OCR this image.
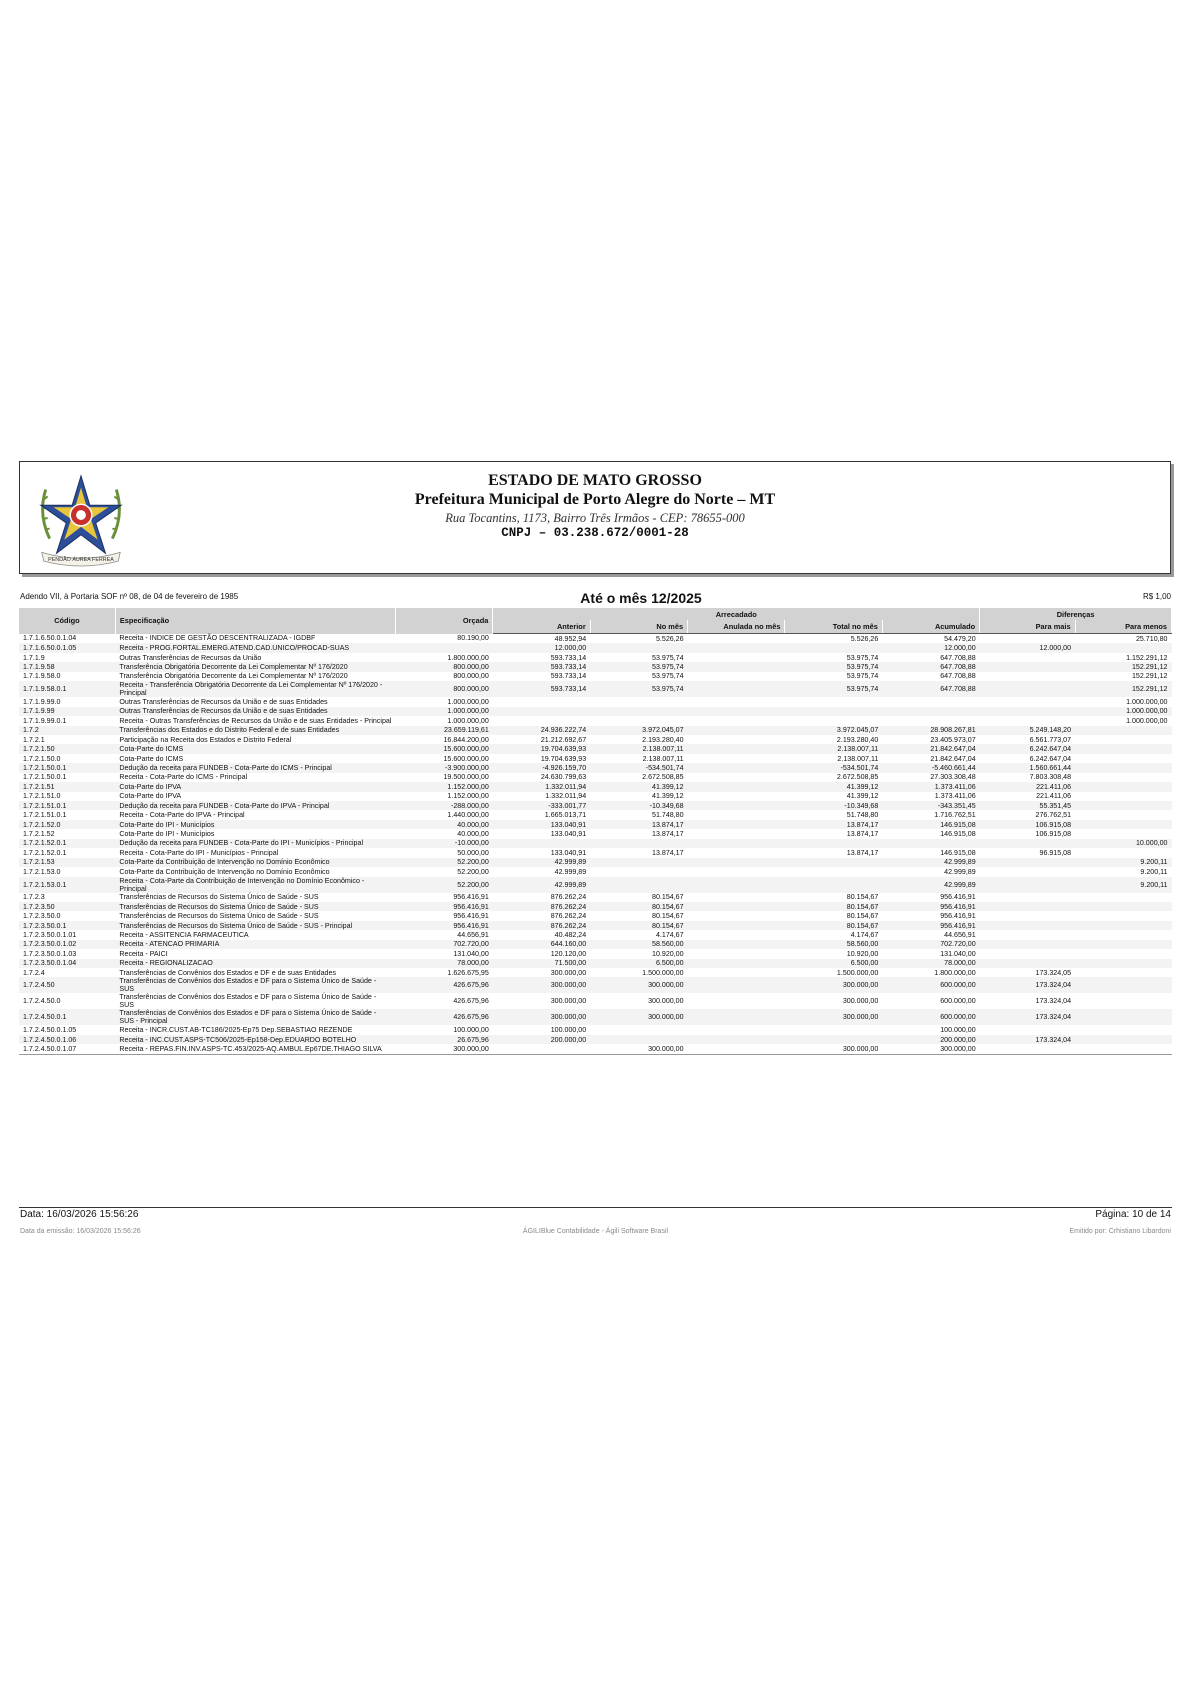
PENDÃO ÁUREA FERREA
ESTADO DE MATO GROSSO
Prefeitura Municipal de Porto Alegre do Norte – MT
Rua Tocantins, 1173, Bairro Três Irmãos - CEP: 78655-000
CNPJ – 03.238.672/0001-28
Adendo VII, à Portaria SOF nº 08, de 04 de fevereiro de 1985	Até o mês 12/2025	R$ 1,00
Código	Especificação	Orçada	Arrecadado					Diferenças	
			Anterior	No mês	Anulada no mês	Total no mês	Acumulado	Para mais	Para menos
1.7.1.6.50.0.1.04	Receita - INDICE DE GESTÃO DESCENTRALIZADA - IGDBF	80.190,00	48.952,94	5.526,26		5.526,26	54.479,20		25.710,80
1.7.1.6.50.0.1.05	Receita - PROG.FORTAL.EMERG.ATEND.CAD.UNICO/PROCAD-SUAS		12.000,00				12.000,00	12.000,00	
1.7.1.9	Outras Transferências de Recursos da União	1.800.000,00	593.733,14	53.975,74		53.975,74	647.708,88		1.152.291,12
1.7.1.9.58	Transferência Obrigatória Decorrente da Lei Complementar Nº 176/2020	800.000,00	593.733,14	53.975,74		53.975,74	647.708,88		152.291,12
1.7.1.9.58.0	Transferência Obrigatória Decorrente da Lei Complementar Nº 176/2020	800.000,00	593.733,14	53.975,74		53.975,74	647.708,88		152.291,12
1.7.1.9.58.0.1	Receita - Transferência Obrigatória Decorrente da Lei Complementar Nº 176/2020 - Principal	800.000,00	593.733,14	53.975,74		53.975,74	647.708,88		152.291,12
1.7.1.9.99.0	Outras Transferências de Recursos da União e de suas Entidades	1.000.000,00							1.000.000,00
1.7.1.9.99	Outras Transferências de Recursos da União e de suas Entidades	1.000.000,00							1.000.000,00
1.7.1.9.99.0.1	Receita - Outras Transferências de Recursos da União e de suas Entidades - Principal	1.000.000,00							1.000.000,00
1.7.2	Transferências dos Estados e do Distrito Federal e de suas Entidades	23.659.119,61	24.936.222,74	3.972.045,07		3.972.045,07	28.908.267,81	5.249.148,20	
1.7.2.1	Participação na Receita dos Estados e Distrito Federal	16.844.200,00	21.212.692,67	2.193.280,40		2.193.280,40	23.405.973,07	6.561.773,07	
1.7.2.1.50	Cota-Parte do ICMS	15.600.000,00	19.704.639,93	2.138.007,11		2.138.007,11	21.842.647,04	6.242.647,04	
1.7.2.1.50.0	Cota-Parte do ICMS	15.600.000,00	19.704.639,93	2.138.007,11		2.138.007,11	21.842.647,04	6.242.647,04	
1.7.2.1.50.0.1	Dedução da receita para FUNDEB - Cota-Parte do ICMS - Principal	-3.900.000,00	-4.926.159,70	-534.501,74		-534.501,74	-5.460.661,44	1.560.661,44	
1.7.2.1.50.0.1	Receita - Cota-Parte do ICMS - Principal	19.500.000,00	24.630.799,63	2.672.508,85		2.672.508,85	27.303.308,48	7.803.308,48	
1.7.2.1.51	Cota-Parte do IPVA	1.152.000,00	1.332.011,94	41.399,12		41.399,12	1.373.411,06	221.411,06	
1.7.2.1.51.0	Cota-Parte do IPVA	1.152.000,00	1.332.011,94	41.399,12		41.399,12	1.373.411,06	221.411,06	
1.7.2.1.51.0.1	Dedução da receita para FUNDEB - Cota-Parte do IPVA - Principal	-288.000,00	-333.001,77	-10.349,68		-10.349,68	-343.351,45	55.351,45	
1.7.2.1.51.0.1	Receita - Cota-Parte do IPVA - Principal	1.440.000,00	1.665.013,71	51.748,80		51.748,80	1.716.762,51	276.762,51	
1.7.2.1.52.0	Cota-Parte do IPI - Municípios	40.000,00	133.040,91	13.874,17		13.874,17	146.915,08	106.915,08	
1.7.2.1.52	Cota-Parte do IPI - Municípios	40.000,00	133.040,91	13.874,17		13.874,17	146.915,08	106.915,08	
1.7.2.1.52.0.1	Dedução da receita para FUNDEB - Cota-Parte do IPI - Municípios - Principal	-10.000,00							10.000,00
1.7.2.1.52.0.1	Receita - Cota-Parte do IPI - Municípios - Principal	50.000,00	133.040,91	13.874,17		13.874,17	146.915,08	96.915,08	
1.7.2.1.53	Cota-Parte da Contribuição de Intervenção no Domínio Econômico	52.200,00	42.999,89				42.999,89		9.200,11
1.7.2.1.53.0	Cota-Parte da Contribuição de Intervenção no Domínio Econômico	52.200,00	42.999,89				42.999,89		9.200,11
1.7.2.1.53.0.1	Receita - Cota-Parte da Contribuição de Intervenção no Domínio Econômico - Principal	52.200,00	42.999,89				42.999,89		9.200,11
1.7.2.3	Transferências de Recursos do Sistema Único de Saúde - SUS	956.416,91	876.262,24	80.154,67		80.154,67	956.416,91		
1.7.2.3.50	Transferências de Recursos do Sistema Único de Saúde - SUS	956.416,91	876.262,24	80.154,67		80.154,67	956.416,91		
1.7.2.3.50.0	Transferências de Recursos do Sistema Único de Saúde - SUS	956.416,91	876.262,24	80.154,67		80.154,67	956.416,91		
1.7.2.3.50.0.1	Transferências de Recursos do Sistema Único de Saúde - SUS - Principal	956.416,91	876.262,24	80.154,67		80.154,67	956.416,91		
1.7.2.3.50.0.1.01	Receita - ASSITENCIA FARMACEUTICA	44.656,91	40.482,24	4.174,67		4.174,67	44.656,91		
1.7.2.3.50.0.1.02	Receita - ATENCAO PRIMARIA	702.720,00	644.160,00	58.560,00		58.560,00	702.720,00		
1.7.2.3.50.0.1.03	Receita - PAICI	131.040,00	120.120,00	10.920,00		10.920,00	131.040,00		
1.7.2.3.50.0.1.04	Receita - REGIONALIZACAO	78.000,00	71.500,00	6.500,00		6.500,00	78.000,00		
1.7.2.4	Transferências de Convênios dos Estados e DF e de suas Entidades	1.626.675,95	300.000,00	1.500.000,00		1.500.000,00	1.800.000,00	173.324,05	
1.7.2.4.50	Transferências de Convênios dos Estados e DF para o Sistema Único de Saúde - SUS	426.675,96	300.000,00	300.000,00		300.000,00	600.000,00	173.324,04	
1.7.2.4.50.0	Transferências de Convênios dos Estados e DF para o Sistema Único de Saúde - SUS	426.675,96	300.000,00	300.000,00		300.000,00	600.000,00	173.324,04	
1.7.2.4.50.0.1	Transferências de Convênios dos Estados e DF para o Sistema Único de Saúde - SUS - Principal	426.675,96	300.000,00	300.000,00		300.000,00	600.000,00	173.324,04	
1.7.2.4.50.0.1.05	Receita - INCR.CUST.AB-TC186/2025-Ep75 Dep.SEBASTIAO REZENDE	100.000,00	100.000,00				100.000,00		
1.7.2.4.50.0.1.06	Receita - INC.CUST.ASPS-TC506/2025-Ep158-Dep.EDUARDO BOTELHO	26.675,96	200.000,00				200.000,00	173.324,04	
1.7.2.4.50.0.1.07	Receita - REPAS.FIN.INV.ASPS-TC.453/2025-AQ.AMBUL.Ep67DE.THIAGO SILVA	300.000,00		300.000,00		300.000,00	300.000,00		
Data: 16/03/2026 15:56:26	Página: 10 de 14
Data da emissão: 16/03/2026 15:56:26	ÁGILIBlue Contabilidade - Ágili Software Brasil	Emitido por: Crhistiano Libardoni
